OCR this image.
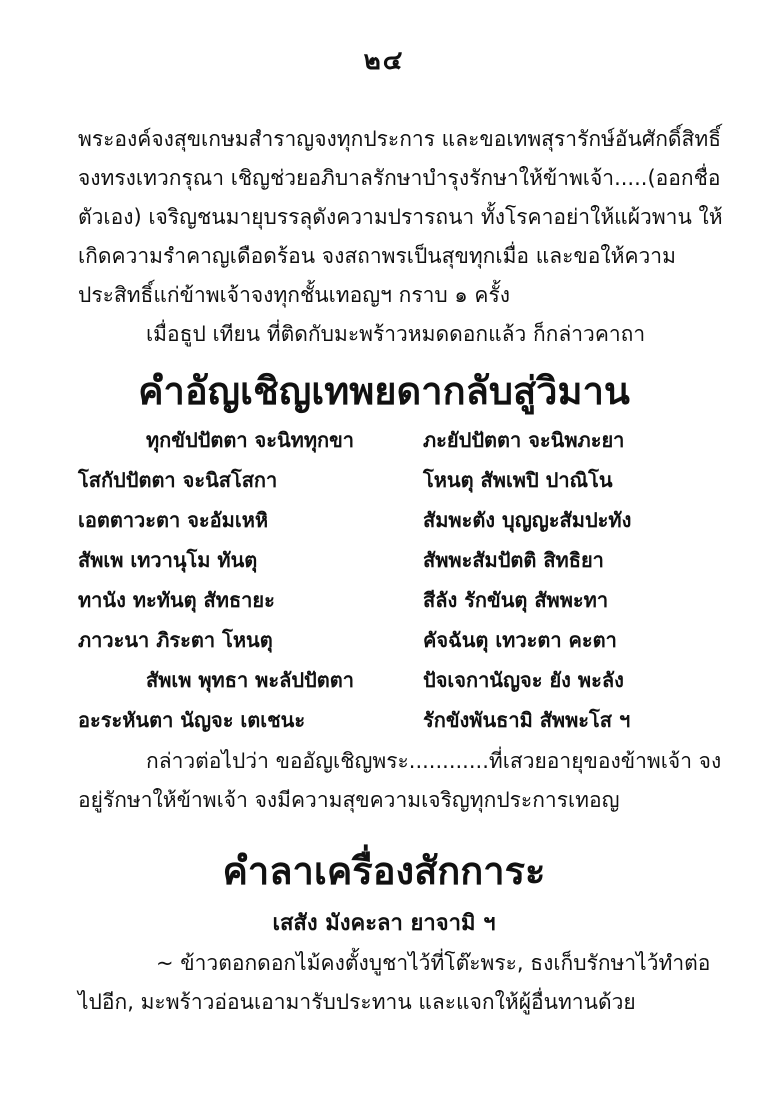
๒๔
พระองค์จงสุขเกษมสำราญจงทุกประการ และขอเทพสุรารักษ์อันศักดิ์สิทธิ์
จงทรงเทวกรุณา เชิญช่วยอภิบาลรักษาบำรุงรักษาให้ข้าพเจ้า.....(ออกชื่อ
ตัวเอง) เจริญชนมายุบรรลุดังความปรารถนา ทั้งโรคาอย่าให้แผ้วพาน ให้
เกิดความรำคาญเดือดร้อน จงสถาพรเป็นสุขทุกเมื่อ และขอให้ความ
ประสิทธิ์แก่ข้าพเจ้าจงทุกชั้นเทอญฯ กราบ ๑ ครั้ง
เมื่อธูป เทียน ที่ติดกับมะพร้าวหมดดอกแล้ว ก็กล่าวคาถา
คำอัญเชิญเทพยดากลับสู่วิมาน
ทุกขัปปัตตา จะนิททุกขา	ภะยัปปัตตา จะนิพภะยา
โสกัปปัตตา จะนิสโสกา	โหนตุ สัพเพปิ ปาณิโน
เอตตาวะตา จะอัมเหหิ	สัมพะตัง บุญญะสัมปะทัง
สัพเพ เทวานุโม ทันตุ	สัพพะสัมปัตติ สิทธิยา
ทานัง ทะทันตุ สัทธายะ	สีลัง รักขันตุ สัพพะทา
ภาวะนา ภิระตา โหนตุ	คัจฉันตุ เทวะตา คะตา
สัพเพ พุทธา พะลัปปัตตา	ปัจเจกานัญจะ ยัง พะลัง
อะระหันตา นัญจะ เตเชนะ	รักขังพันธามิ สัพพะโส ฯ
กล่าวต่อไปว่า ขออัญเชิญพระ............ที่เสวยอายุของข้าพเจ้า จง
อยู่รักษาให้ข้าพเจ้า จงมีความสุขความเจริญทุกประการเทอญ
คำลาเครื่องสักการะ
เสสัง มังคะลา ยาจามิ ฯ
~ ข้าวตอกดอกไม้คงตั้งบูชาไว้ที่โต๊ะพระ, ธงเก็บรักษาไว้ทำต่อ
ไปอีก, มะพร้าวอ่อนเอามารับประทาน และแจกให้ผู้อื่นทานด้วย
